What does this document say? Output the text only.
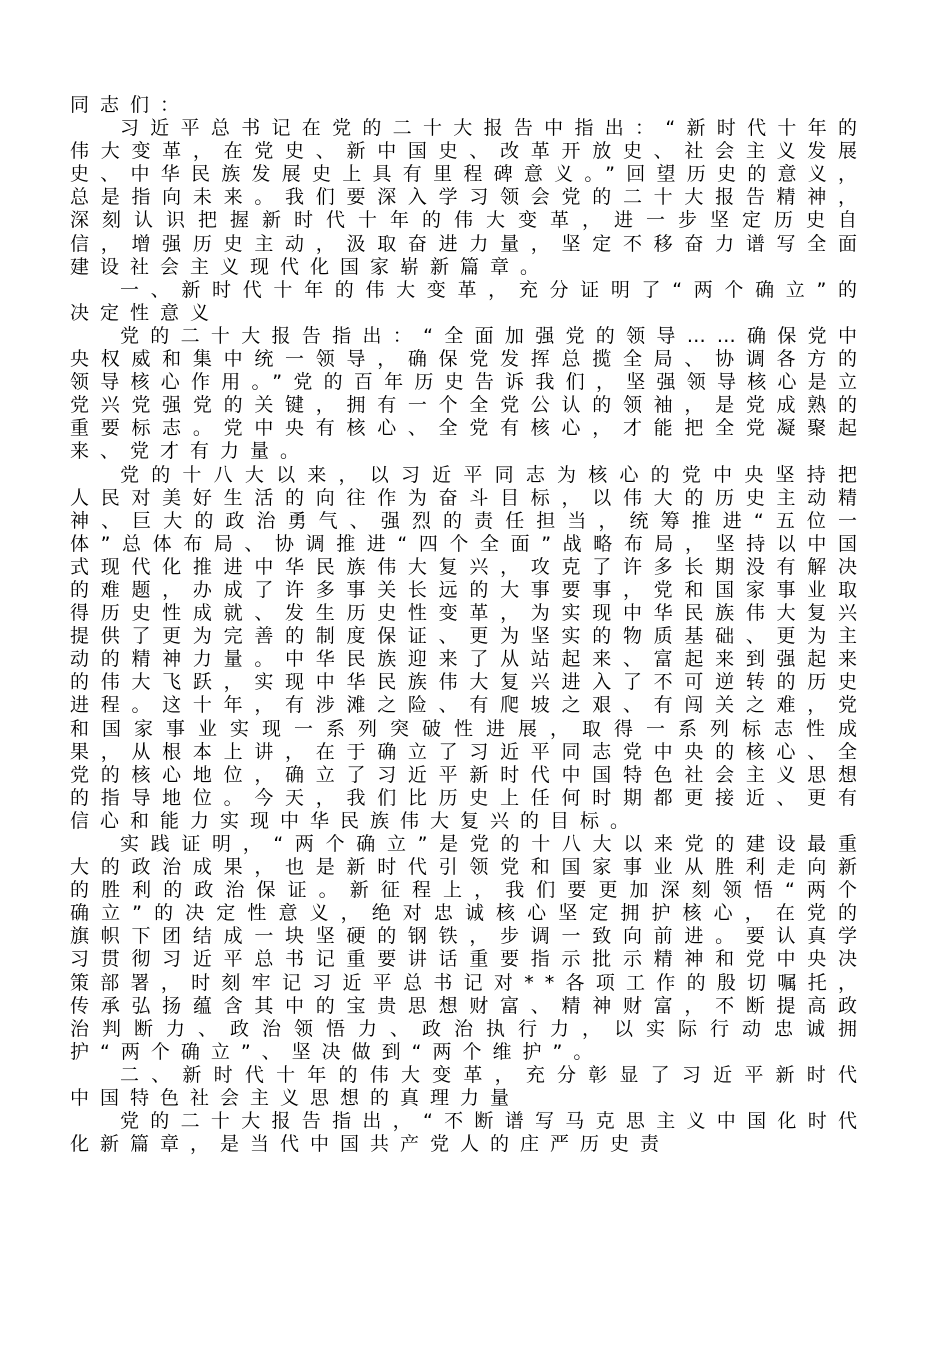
同志们：

习近平总书记在党的二十大报告中指出：“新时代十年的伟大变革，在党史、新中国史、改革开放史、社会主义发展史、中华民族发展史上具有里程碑意义。”回望历史的意义，总是指向未来。我们要深入学习领会党的二十大报告精神，深刻认识把握新时代十年的伟大变革，进一步坚定历史自信，增强历史主动，汲取奋进力量，坚定不移奋力谱写全面建设社会主义现代化国家崭新篇章。

一、新时代十年的伟大变革，充分证明了“两个确立”的决定性意义

党的二十大报告指出：“全面加强党的领导……确保党中央权威和集中统一领导，确保党发挥总揽全局、协调各方的领导核心作用。”党的百年历史告诉我们，坚强领导核心是立党兴党强党的关键，拥有一个全党公认的领袖，是党成熟的重要标志。党中央有核心、全党有核心，才能把全党凝聚起来、党才有力量。

党的十八大以来，以习近平同志为核心的党中央坚持把人民对美好生活的向往作为奋斗目标，以伟大的历史主动精神、巨大的政治勇气、强烈的责任担当，统筹推进“五位一体”总体布局、协调推进“四个全面”战略布局，坚持以中国式现代化推进中华民族伟大复兴，攻克了许多长期没有解决的难题，办成了许多事关长远的大事要事，党和国家事业取得历史性成就、发生历史性变革，为实现中华民族伟大复兴提供了更为完善的制度保证、更为坚实的物质基础、更为主动的精神力量。中华民族迎来了从站起来、富起来到强起来的伟大飞跃，实现中华民族伟大复兴进入了不可逆转的历史进程。这十年，有涉滩之险、有爬坡之艰、有闯关之难，党和国家事业实现一系列突破性进展，取得一系列标志性成果，从根本上讲，在于确立了习近平同志党中央的核心、全党的核心地位，确立了习近平新时代中国特色社会主义思想的指导地位。今天，我们比历史上任何时期都更接近、更有信心和能力实现中华民族伟大复兴的目标。

实践证明，“两个确立”是党的十八大以来党的建设最重大的政治成果，也是新时代引领党和国家事业从胜利走向新的胜利的政治保证。新征程上，我们要更加深刻领悟“两个确立”的决定性意义，绝对忠诚核心坚定拥护核心，在党的旗帜下团结成一块坚硬的钢铁，步调一致向前进。要认真学习贯彻习近平总书记重要讲话重要指示批示精神和党中央决策部署，时刻牢记习近平总书记对**各项工作的殷切嘱托，传承弘扬蕴含其中的宝贵思想财富、精神财富，不断提高政治判断力、政治领悟力、政治执行力，以实际行动忠诚拥护“两个确立”、坚决做到“两个维护”。

二、新时代十年的伟大变革，充分彰显了习近平新时代中国特色社会主义思想的真理力量

党的二十大报告指出，“不断谱写马克思主义中国化时代化新篇章，是当代中国共产党人的庄严历史责
